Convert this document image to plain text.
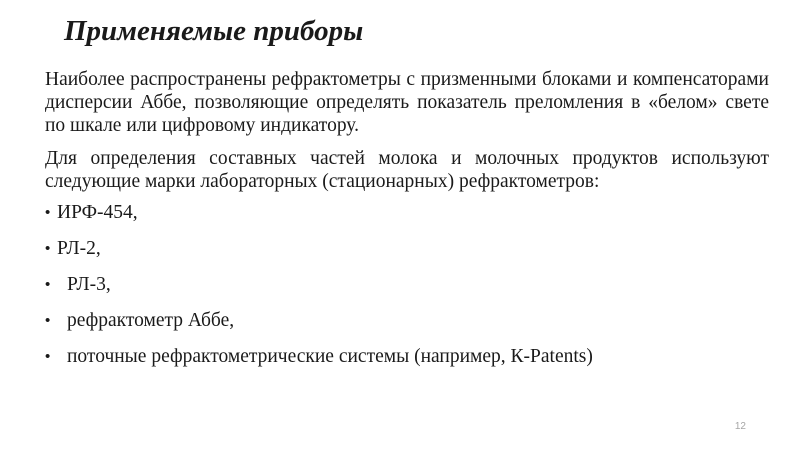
Применяемые приборы

Наиболее распространены рефрактометры с призменными блоками и компенсаторами дисперсии Аббе, позволяющие определять показатель преломления в «белом» свете по шкале или цифровому индикатору.

Для определения составных частей молока и молочных продуктов используют следующие марки лабораторных (стационарных) рефрактометров:

• ИРФ-454,
• РЛ-2,
• РЛ-3,
• рефрактометр Аббе,
• поточные рефрактометрические системы (например, К-Patents)
12
